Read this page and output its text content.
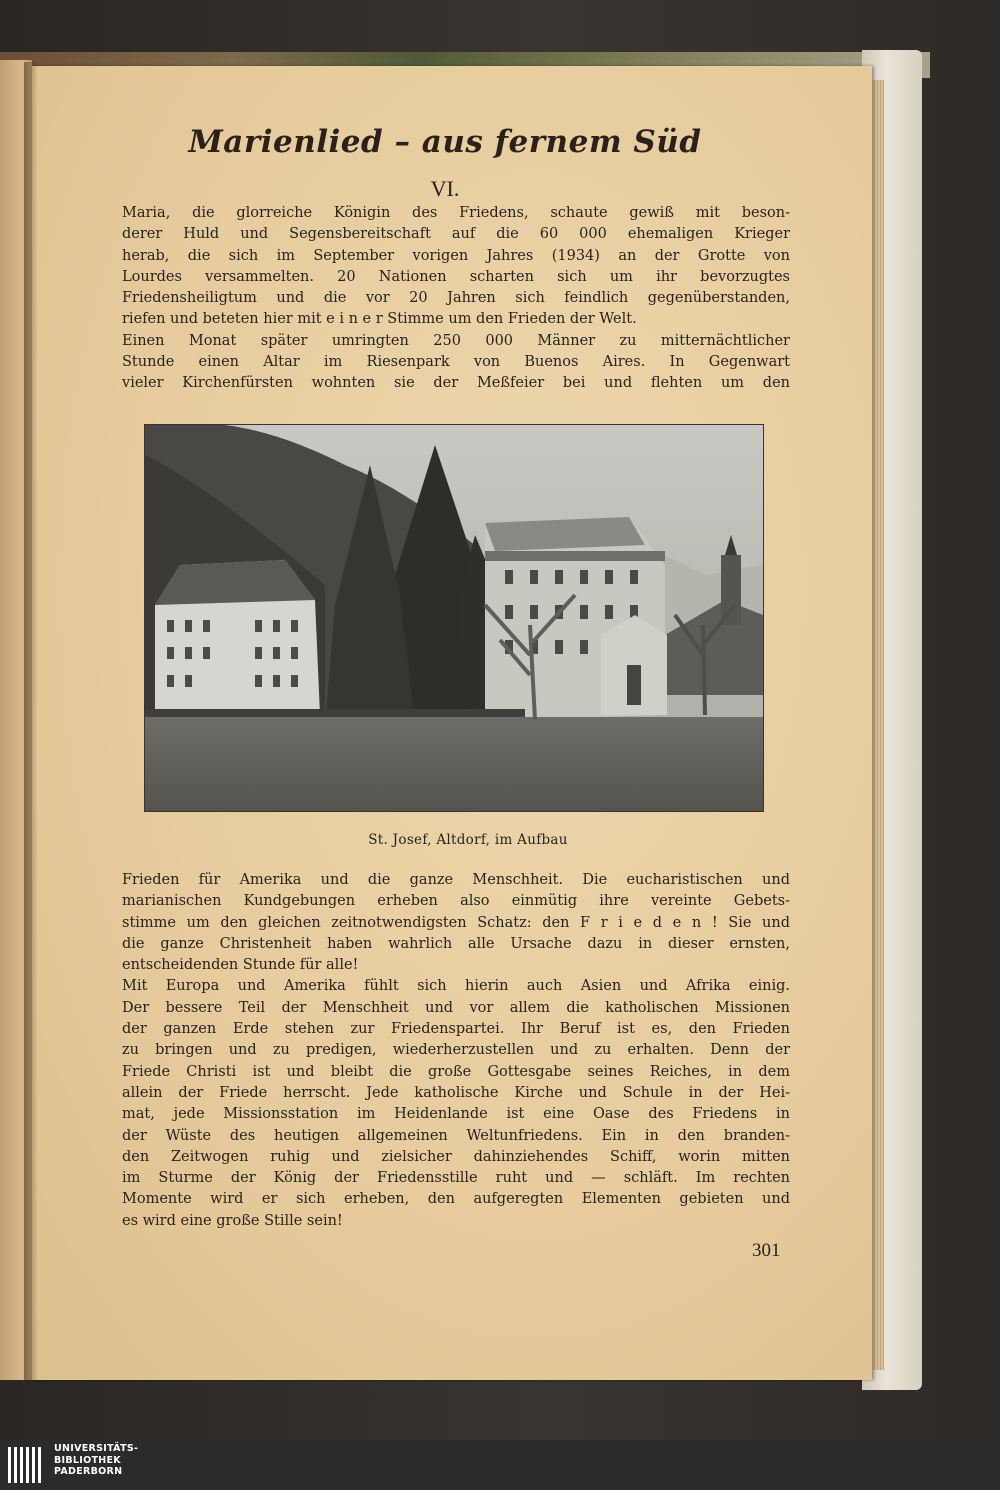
Marienlied – aus fernem Süd
VI.
Maria, die glorreiche Königin des Friedens, schaute gewiß mit beson-
derer Huld und Segensbereitschaft auf die 60 000 ehemaligen Krieger
herab, die sich im September vorigen Jahres (1934) an der Grotte von
Lourdes versammelten. 20 Nationen scharten sich um ihr bevorzugtes
Friedensheiligtum und die vor 20 Jahren sich feindlich gegenüberstanden,
riefen und beteten hier mit e i n e r Stimme um den Frieden der Welt.
Einen Monat später umringten 250 000 Männer zu mitternächtlicher
Stunde einen Altar im Riesenpark von Buenos Aires. In Gegenwart
vieler Kirchenfürsten wohnten sie der Meßfeier bei und flehten um den
St. Josef, Altdorf, im Aufbau
Frieden für Amerika und die ganze Menschheit. Die eucharistischen und
marianischen Kundgebungen erheben also einmütig ihre vereinte Gebets-
stimme um den gleichen zeitnotwendigsten Schatz: den F r i e d e n ! Sie und
die ganze Christenheit haben wahrlich alle Ursache dazu in dieser ernsten,
entscheidenden Stunde für alle!
Mit Europa und Amerika fühlt sich hierin auch Asien und Afrika einig.
Der bessere Teil der Menschheit und vor allem die katholischen Missionen
der ganzen Erde stehen zur Friedenspartei. Ihr Beruf ist es, den Frieden
zu bringen und zu predigen, wiederherzustellen und zu erhalten. Denn der
Friede Christi ist und bleibt die große Gottesgabe seines Reiches, in dem
allein der Friede herrscht. Jede katholische Kirche und Schule in der Hei-
mat, jede Missionsstation im Heidenlande ist eine Oase des Friedens in
der Wüste des heutigen allgemeinen Weltunfriedens. Ein in den branden-
den Zeitwogen ruhig und zielsicher dahinziehendes Schiff, worin mitten
im Sturme der König der Friedensstille ruht und — schläft. Im rechten
Momente wird er sich erheben, den aufgeregten Elementen gebieten und
es wird eine große Stille sein!
301
UNIVERSITÄTS-
BIBLIOTHEK
PADERBORN
